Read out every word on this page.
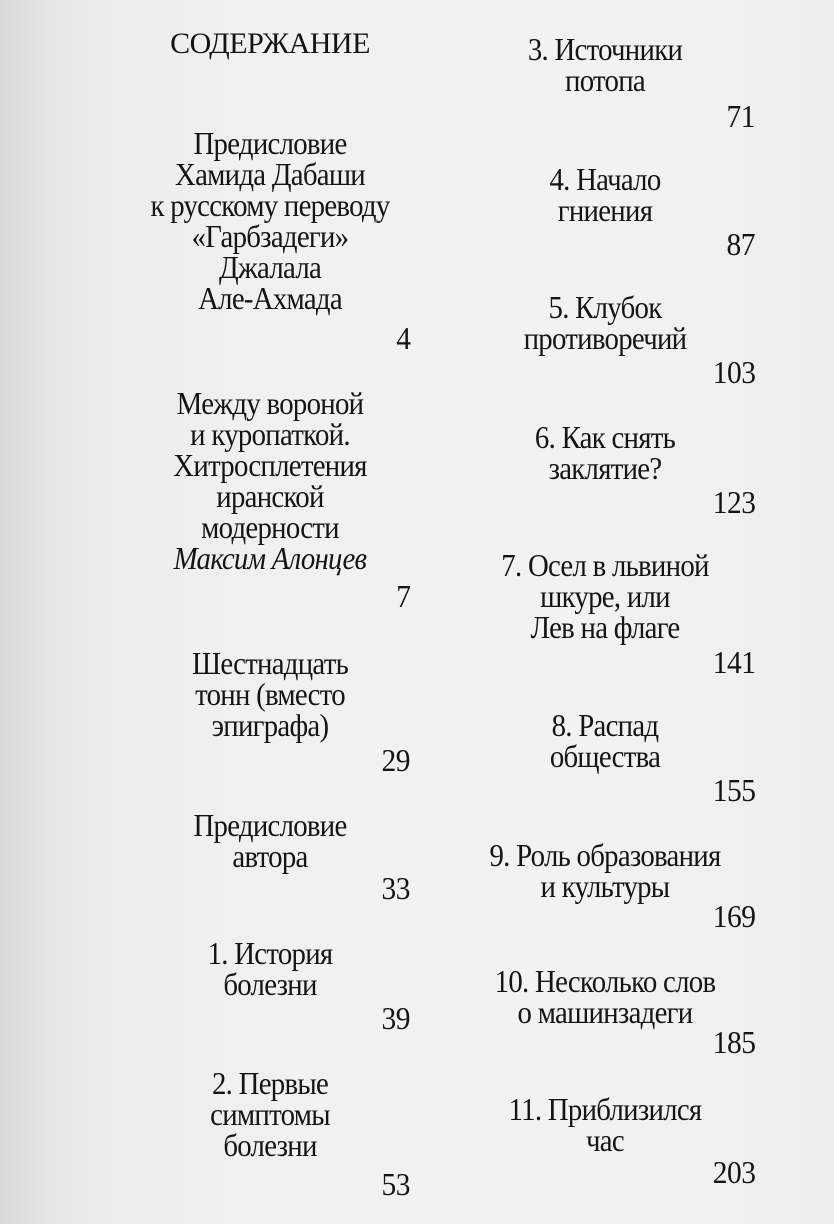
СОДЕРЖАНИЕ
Предисловие
Хамида Дабаши
к русскому переводу
«Гарбзадеги»
Джалала
Але-Ахмада
4
Между вороной
и куропаткой.
Хитросплетения
иранской
модерности
Максим Алонцев
7
Шестнадцать
тонн (вместо
эпиграфа)
29
Предисловие
автора
33
1. История
болезни
39
2. Первые
симптомы
болезни
53
3. Источники
потопа
71
4. Начало
гниения
87
5. Клубок
противоречий
103
6. Как снять
заклятие?
123
7. Осел в львиной
шкуре, или
Лев на флаге
141
8. Распад
общества
155
9. Роль образования
и культуры
169
10. Несколько слов
о машинзадеги
185
11. Приблизился
час
203
